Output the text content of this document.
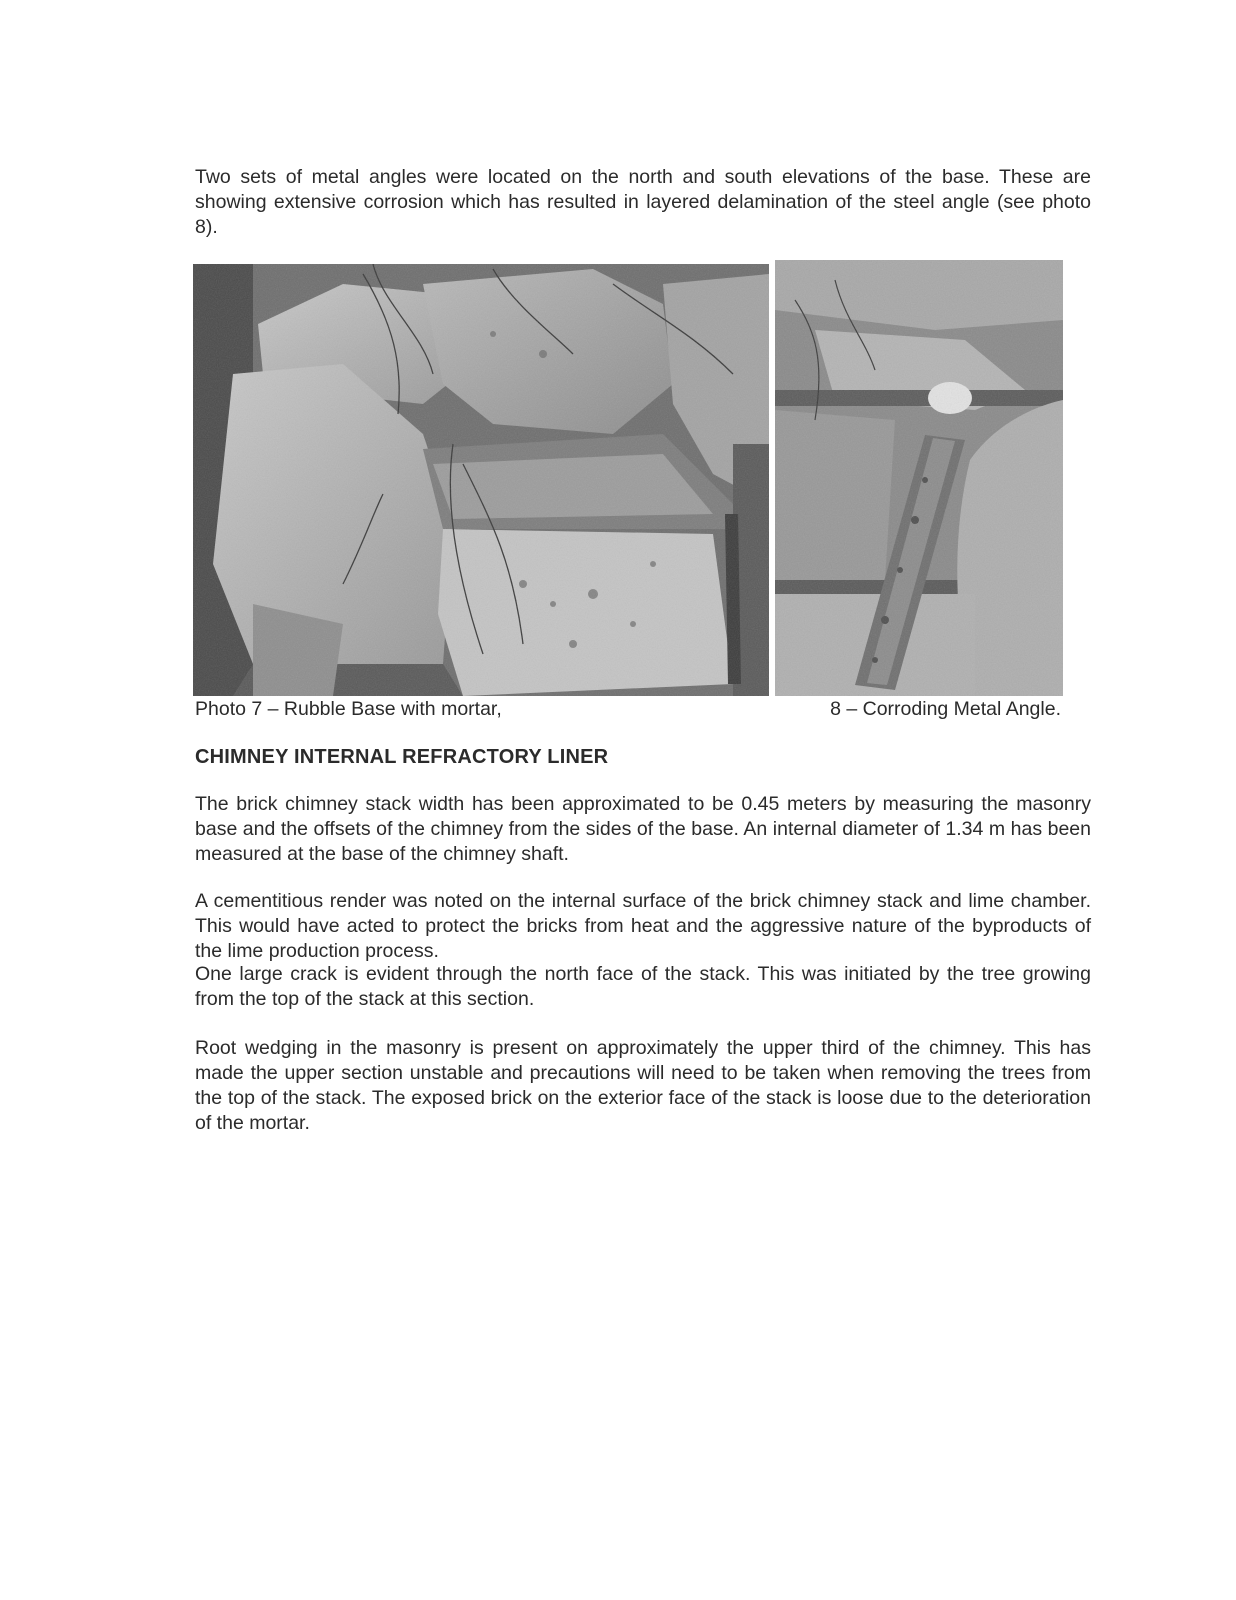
Two sets of metal angles were located on the north and south elevations of the base. These are showing extensive corrosion which has resulted in layered delamination of the steel angle (see photo 8).

Photo 7 – Rubble Base with mortar,	8 – Corroding Metal Angle.

CHIMNEY INTERNAL REFRACTORY LINER

The brick chimney stack width has been approximated to be 0.45 meters by measuring the masonry base and the offsets of the chimney from the sides of the base. An internal diameter of 1.34 m has been measured at the base of the chimney shaft.

A cementitious render was noted on the internal surface of the brick chimney stack and lime chamber. This would have acted to protect the bricks from heat and the aggressive nature of the byproducts of the lime production process.

One large crack is evident through the north face of the stack. This was initiated by the tree growing from the top of the stack at this section.

Root wedging in the masonry is present on approximately the upper third of the chimney. This has made the upper section unstable and precautions will need to be taken when removing the trees from the top of the stack. The exposed brick on the exterior face of the stack is loose due to the deterioration of the mortar.
